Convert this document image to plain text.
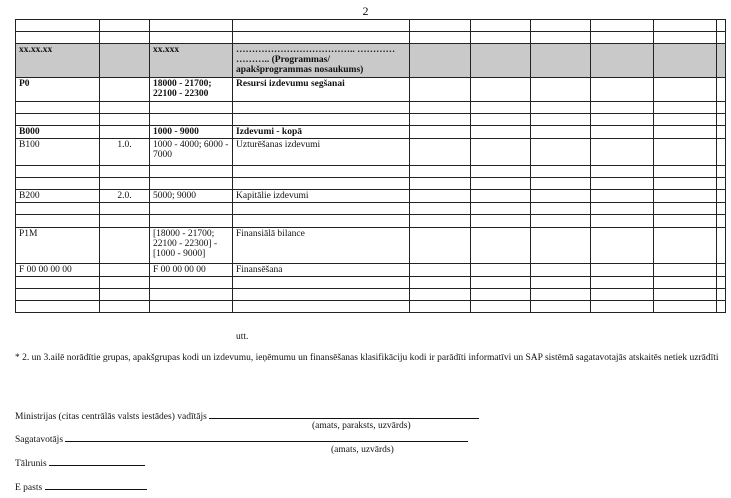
2

xx.xx.xx		xx.xxx	……………………………….. ………… ……….. (Programmas/ apakšprogrammas nosaukums)						
P0		18000 - 21700; 22100 - 22300	Resursi izdevumu segšanai						

B000		1000 - 9000	Izdevumi - kopā						
B100	1.0.	1000 - 4000; 6000 - 7000	Uzturēšanas izdevumi						

B200	2.0.	5000; 9000	Kapitālie izdevumi						

P1M		[18000 - 21700; 22100 - 22300] - [1000 - 9000]	Finansiālā bilance						
F 00 00 00 00		F 00 00 00 00	Finansēšana						

utt.
* 2. un 3.ailē norādītie grupas, apakšgrupas kodi un izdevumu, ieņēmumu un finansēšanas klasifikāciju kodi ir parādīti informatīvi un SAP sistēmā sagatavotajās atskaitēs netiek uzrādīti
Ministrijas (citas centrālās valsts iestādes) vadītājs
(amats, paraksts, uzvārds)
Sagatavotājs
(amats, uzvārds)
Tālrunis
E pasts
